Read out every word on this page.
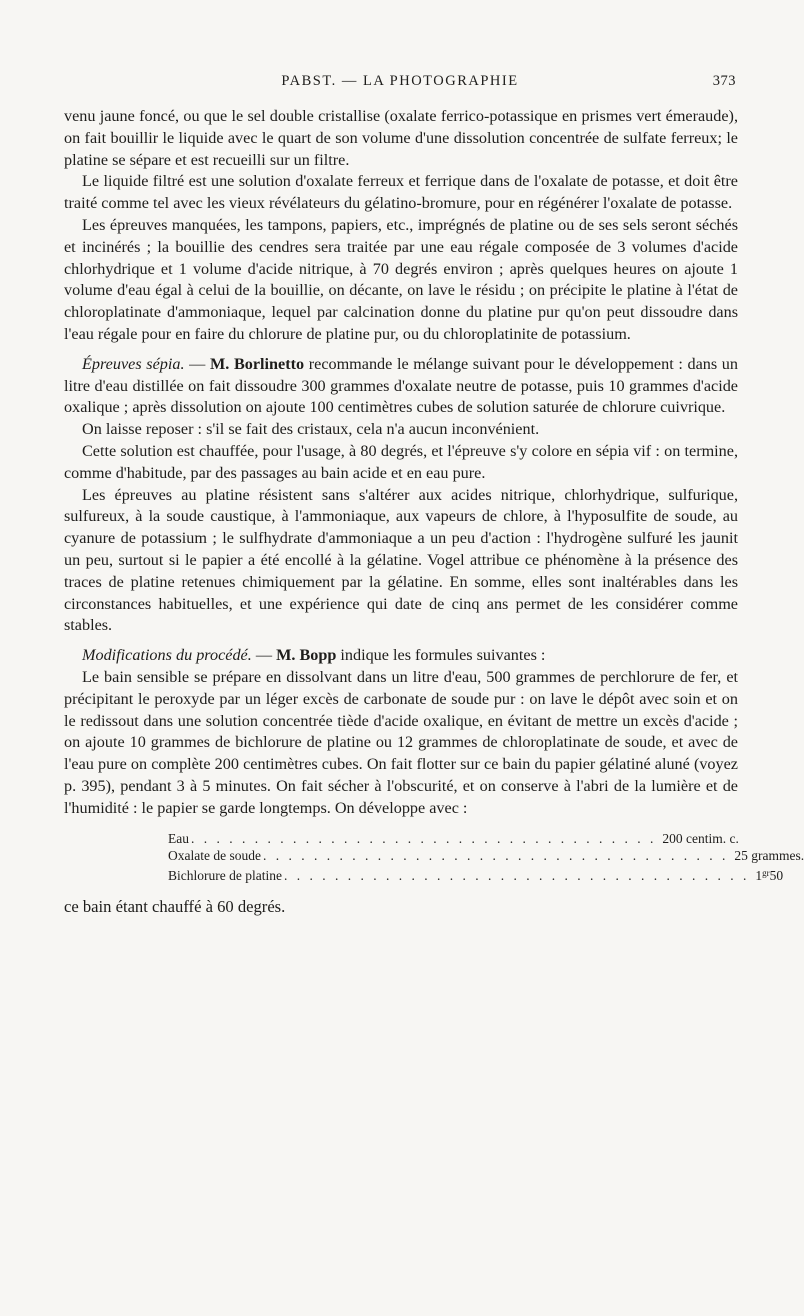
PABST. — LA PHOTOGRAPHIE	373

venu jaune foncé, ou que le sel double cristallise (oxalate ferrico-potassique en prismes vert émeraude), on fait bouillir le liquide avec le quart de son volume d'une dissolution concentrée de sulfate ferreux; le platine se sépare et est recueilli sur un filtre.

Le liquide filtré est une solution d'oxalate ferreux et ferrique dans de l'oxalate de potasse, et doit être traité comme tel avec les vieux révélateurs du gélatino-bromure, pour en régénérer l'oxalate de potasse.

Les épreuves manquées, les tampons, papiers, etc., imprégnés de platine ou de ses sels seront séchés et incinérés ; la bouillie des cendres sera traitée par une eau régale composée de 3 volumes d'acide chlorhydrique et 1 volume d'acide nitrique, à 70 degrés environ ; après quelques heures on ajoute 1 volume d'eau égal à celui de la bouillie, on décante, on lave le résidu ; on précipite le platine à l'état de chloroplatinate d'ammoniaque, lequel par calcination donne du platine pur qu'on peut dissoudre dans l'eau régale pour en faire du chlorure de platine pur, ou du chloroplatinite de potassium.

Épreuves sépia. — M. Borlinetto recommande le mélange suivant pour le développement : dans un litre d'eau distillée on fait dissoudre 300 grammes d'oxalate neutre de potasse, puis 10 grammes d'acide oxalique ; après dissolution on ajoute 100 centimètres cubes de solution saturée de chlorure cuivrique.

On laisse reposer : s'il se fait des cristaux, cela n'a aucun inconvénient.

Cette solution est chauffée, pour l'usage, à 80 degrés, et l'épreuve s'y colore en sépia vif : on termine, comme d'habitude, par des passages au bain acide et en eau pure.

Les épreuves au platine résistent sans s'altérer aux acides nitrique, chlorhydrique, sulfurique, sulfureux, à la soude caustique, à l'ammoniaque, aux vapeurs de chlore, à l'hyposulfite de soude, au cyanure de potassium ; le sulfhydrate d'ammoniaque a un peu d'action : l'hydrogène sulfuré les jaunit un peu, surtout si le papier a été encollé à la gélatine. Vogel attribue ce phénomène à la présence des traces de platine retenues chimiquement par la gélatine. En somme, elles sont inaltérables dans les circonstances habituelles, et une expérience qui date de cinq ans permet de les considérer comme stables.

Modifications du procédé. — M. Bopp indique les formules suivantes :

Le bain sensible se prépare en dissolvant dans un litre d'eau, 500 grammes de perchlorure de fer, et précipitant le peroxyde par un léger excès de carbonate de soude pur : on lave le dépôt avec soin et on le redissout dans une solution concentrée tiède d'acide oxalique, en évitant de mettre un excès d'acide ; on ajoute 10 grammes de bichlorure de platine ou 12 grammes de chloroplatinate de soude, et avec de l'eau pure on complète 200 centimètres cubes. On fait flotter sur ce bain du papier gélatiné aluné (voyez p. 395), pendant 3 à 5 minutes. On fait sécher à l'obscurité, et on conserve à l'abri de la lumière et de l'humidité : le papier se garde longtemps. On développe avec :

Eau . . . . . . . . . . . . . . . . . . . . . . . . . . . . . . . . . . . . . 200 centim. c.
Oxalate de soude . . . . . . . . . . . . . . . . . . . . . . . . . . . . . . . . . . . . . 25 grammes.
Bichlorure de platine . . . . . . . . . . . . . . . . . . . . . . . . . . . . . . . . . . . . . $1^{gr}50$

ce bain étant chauffé à 60 degrés.
